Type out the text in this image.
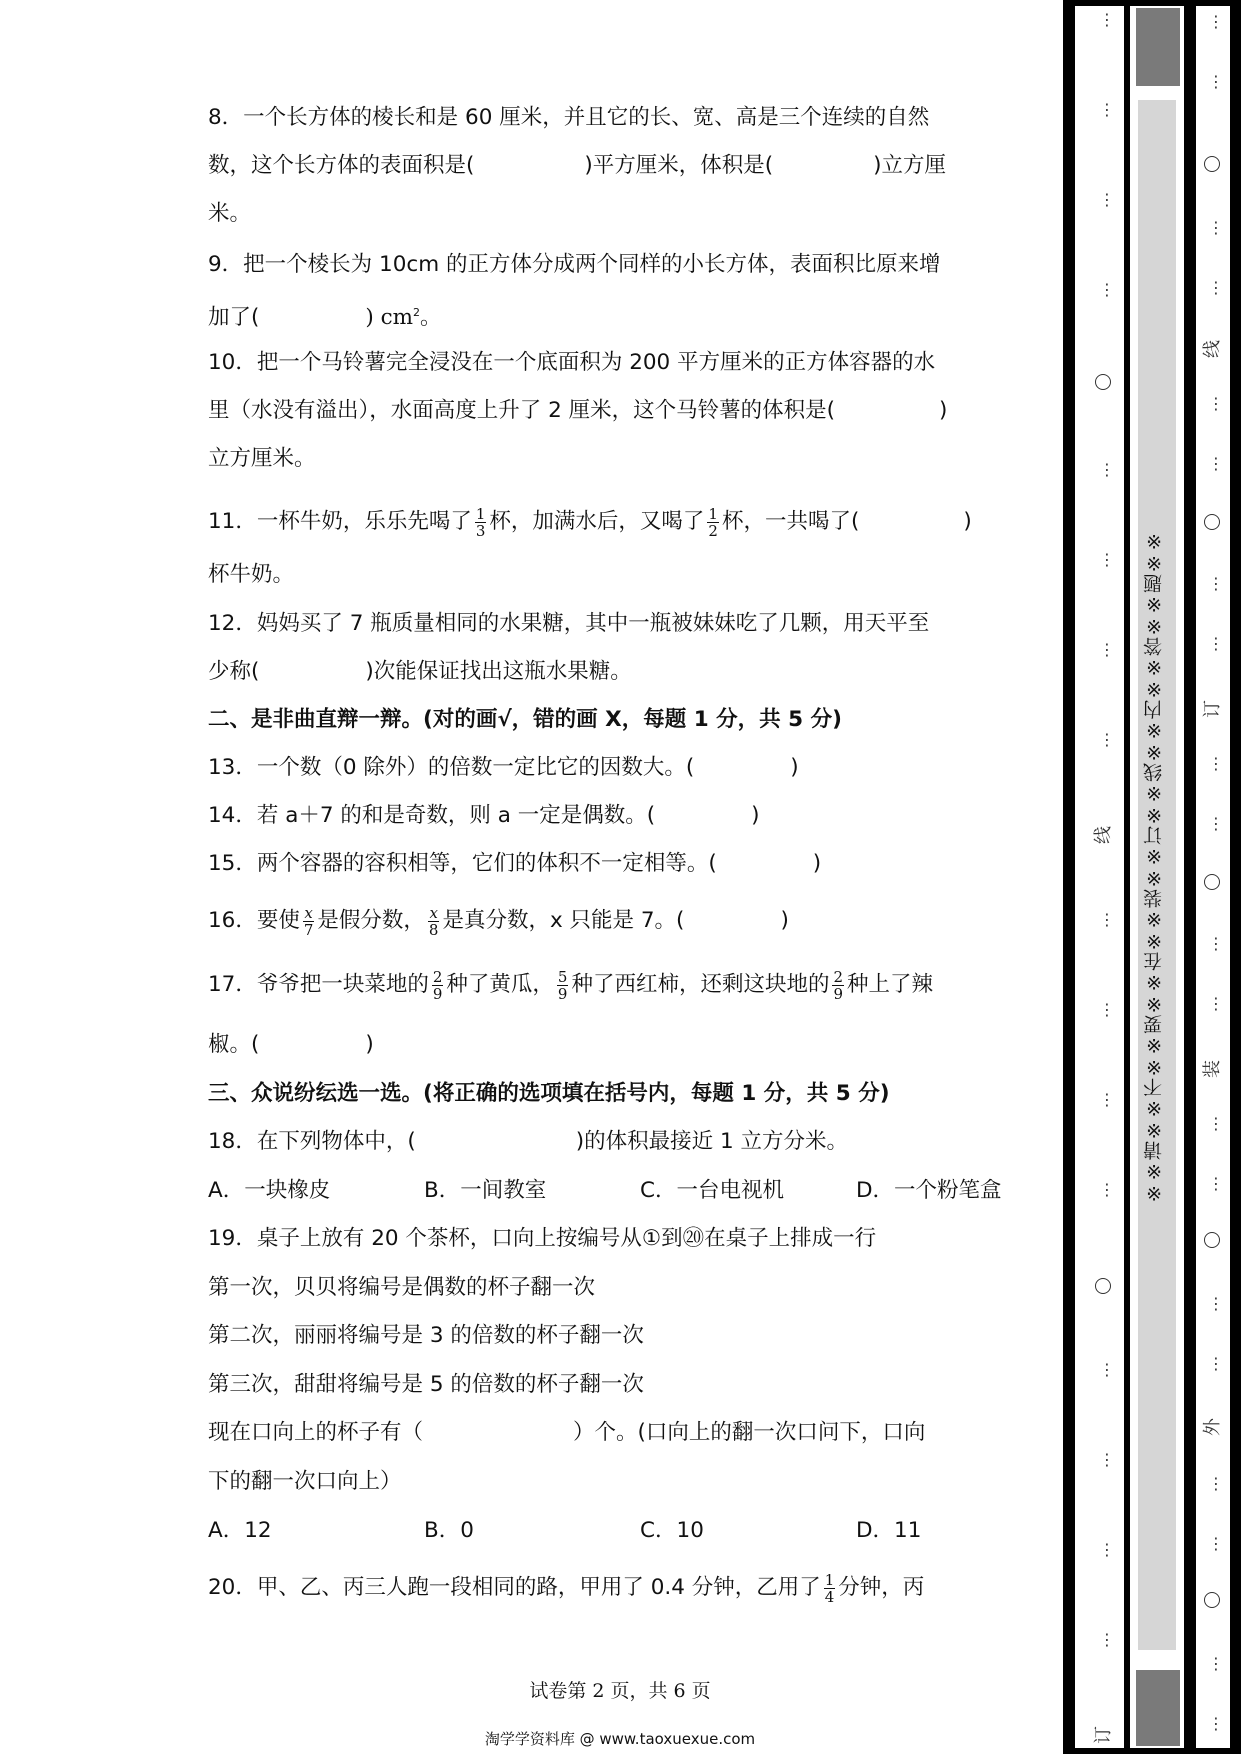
8．一个长方体的棱长和是 60 厘米，并且它的长、宽、高是三个连续的自然
数，这个长方体的表面积是(	)平方厘米，体积是(	)立方厘
米。
9．把一个棱长为 10cm 的正方体分成两个同样的小长方体，表面积比原来增
加了(	) $cm^2$。
10．把一个马铃薯完全浸没在一个底面积为 200 平方厘米的正方体容器的水
里（水没有溢出），水面高度上升了 2 厘米，这个马铃薯的体积是(	)
立方厘米。
11．一杯牛奶，乐乐先喝了 $\frac{1}{3}$ 杯，加满水后，又喝了 $\frac{1}{2}$ 杯，一共喝了(	)
杯牛奶。
12．妈妈买了 7 瓶质量相同的水果糖，其中一瓶被妹妹吃了几颗，用天平至
少称(	)次能保证找出这瓶水果糖。
二、是非曲直辩一辩。(对的画√，错的画 X，每题 1 分，共 5 分)
13．一个数（0 除外）的倍数一定比它的因数大。(	)
14．若 a＋7 的和是奇数，则 a 一定是偶数。(	)
15．两个容器的容积相等，它们的体积不一定相等。(	)
16．要使 $\frac{x}{7}$ 是假分数， $\frac{x}{8}$ 是真分数，x 只能是 7。(	)
17．爷爷把一块菜地的 $\frac{2}{9}$ 种了黄瓜， $\frac{5}{9}$ 种了西红柿，还剩这块地的 $\frac{2}{9}$ 种上了辣
椒。(	)
三、众说纷纭选一选。(将正确的选项填在括号内，每题 1 分，共 5 分)
18．在下列物体中，(	)的体积最接近 1 立方分米。
A．一块橡皮	B．一间教室	C．一台电视机	D．一个粉笔盒
19．桌子上放有 20 个茶杯，口向上按编号从①到⑳在桌子上排成一行
第一次，贝贝将编号是偶数的杯子翻一次
第二次，丽丽将编号是 3 的倍数的杯子翻一次
第三次，甜甜将编号是 5 的倍数的杯子翻一次
现在口向上的杯子有（	）个。(口向上的翻一次口问下，口向
下的翻一次口向上）
A．12	B．0	C．10	D．11
20．甲、乙、丙三人跑一段相同的路，甲用了 0.4 分钟，乙用了 $\frac{1}{4}$ 分钟，丙
试卷第 2 页，共 6 页
淘学学资料库 @ www.taoxuexue.com
※※请※※不※※要※※在※※装※※订※※线※※内※※答※※题※※
⋮
⋮
⋮
⋮
⋮
⋮
⋮
⋮
线
⋮
⋮
⋮
⋮
⋮
⋮
⋮
⋮
订
⋮
⋮
⋮
⋮
线
⋮
⋮
⋮
⋮
订
⋮
⋮
⋮
⋮
装
⋮
⋮
⋮
⋮
外
⋮
⋮
⋮
⋮
